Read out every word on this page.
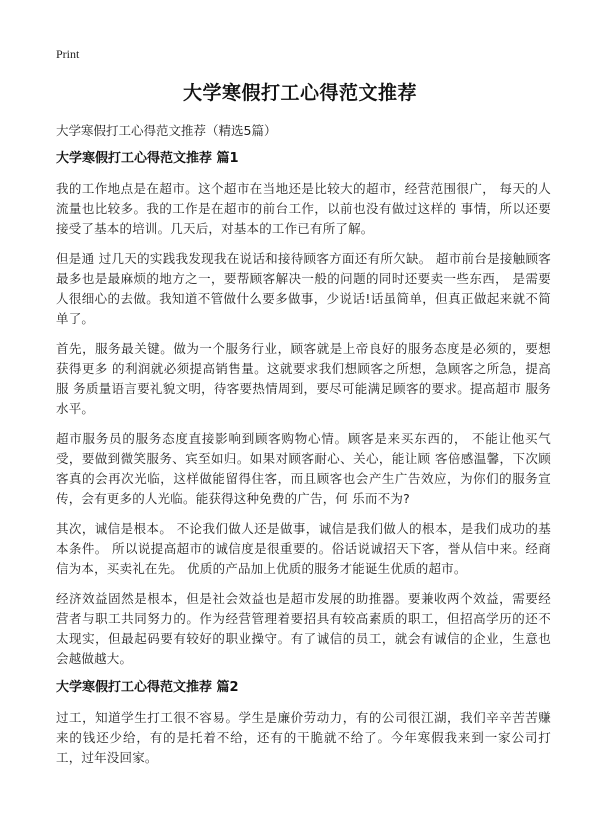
Print
大学寒假打工心得范文推荐
大学寒假打工心得范文推荐（精选5篇）
大学寒假打工心得范文推荐 篇1

我的工作地点是在超市。这个超市在当地还是比较大的超市，经营范围很广， 每天的人流量也比较多。我的工作是在超市的前台工作，以前也没有做过这样的 事情，所以还要接受了基本的培训。几天后，对基本的工作已有所了解。

但是通 过几天的实践我发现我在说话和接待顾客方面还有所欠缺。 超市前台是接触顾客 最多也是最麻烦的地方之一，要帮顾客解决一般的问题的同时还要卖一些东西， 是需要人很细心的去做。我知道不管做什么要多做事，少说话!话虽简单，但真正做起来就不简单了。

首先，服务最关键。做为一个服务行业，顾客就是上帝良好的服务态度是必须的，要想获得更多 的利润就必须提高销售量。这就要求我们想顾客之所想，急顾客之所急，提高服 务质量语言要礼貌文明，待客要热情周到，要尽可能满足顾客的要求。提高超市 服务水平。

超市服务员的服务态度直接影响到顾客购物心情。顾客是来买东西的， 不能让他买气受，要做到微笑服务、宾至如归。如果对顾客耐心、关心，能让顾 客倍感温馨，下次顾客真的会再次光临，这样做能留得住客，而且顾客也会产生广告效应，为你们的服务宣传，会有更多的人光临。能获得这种免费的广告，何 乐而不为?

其次，诚信是根本。 不论我们做人还是做事，诚信是我们做人的根本，是我们成功的基本条件。 所以说提高超市的诚信度是很重要的。俗话说诚招天下客，誉从信中来。经商信为本，买卖礼在先。 优质的产品加上优质的服务才能诞生优质的超市。

经济效益固然是根本，但是社会效益也是超市发展的助推器。要兼收两个效益，需要经营者与职工共同努力的。作为经营管理着要招具有较高素质的职工，但招高学历的还不太现实，但最起码要有较好的职业操守。有了诚信的员工，就会有诚信的企业，生意也会越做越大。

大学寒假打工心得范文推荐 篇2

过工，知道学生打工很不容易。学生是廉价劳动力，有的公司很江湖，我们辛辛苦苦赚来的钱还少给，有的是托着不给，还有的干脆就不给了。今年寒假我来到一家公司打工，过年没回家。
